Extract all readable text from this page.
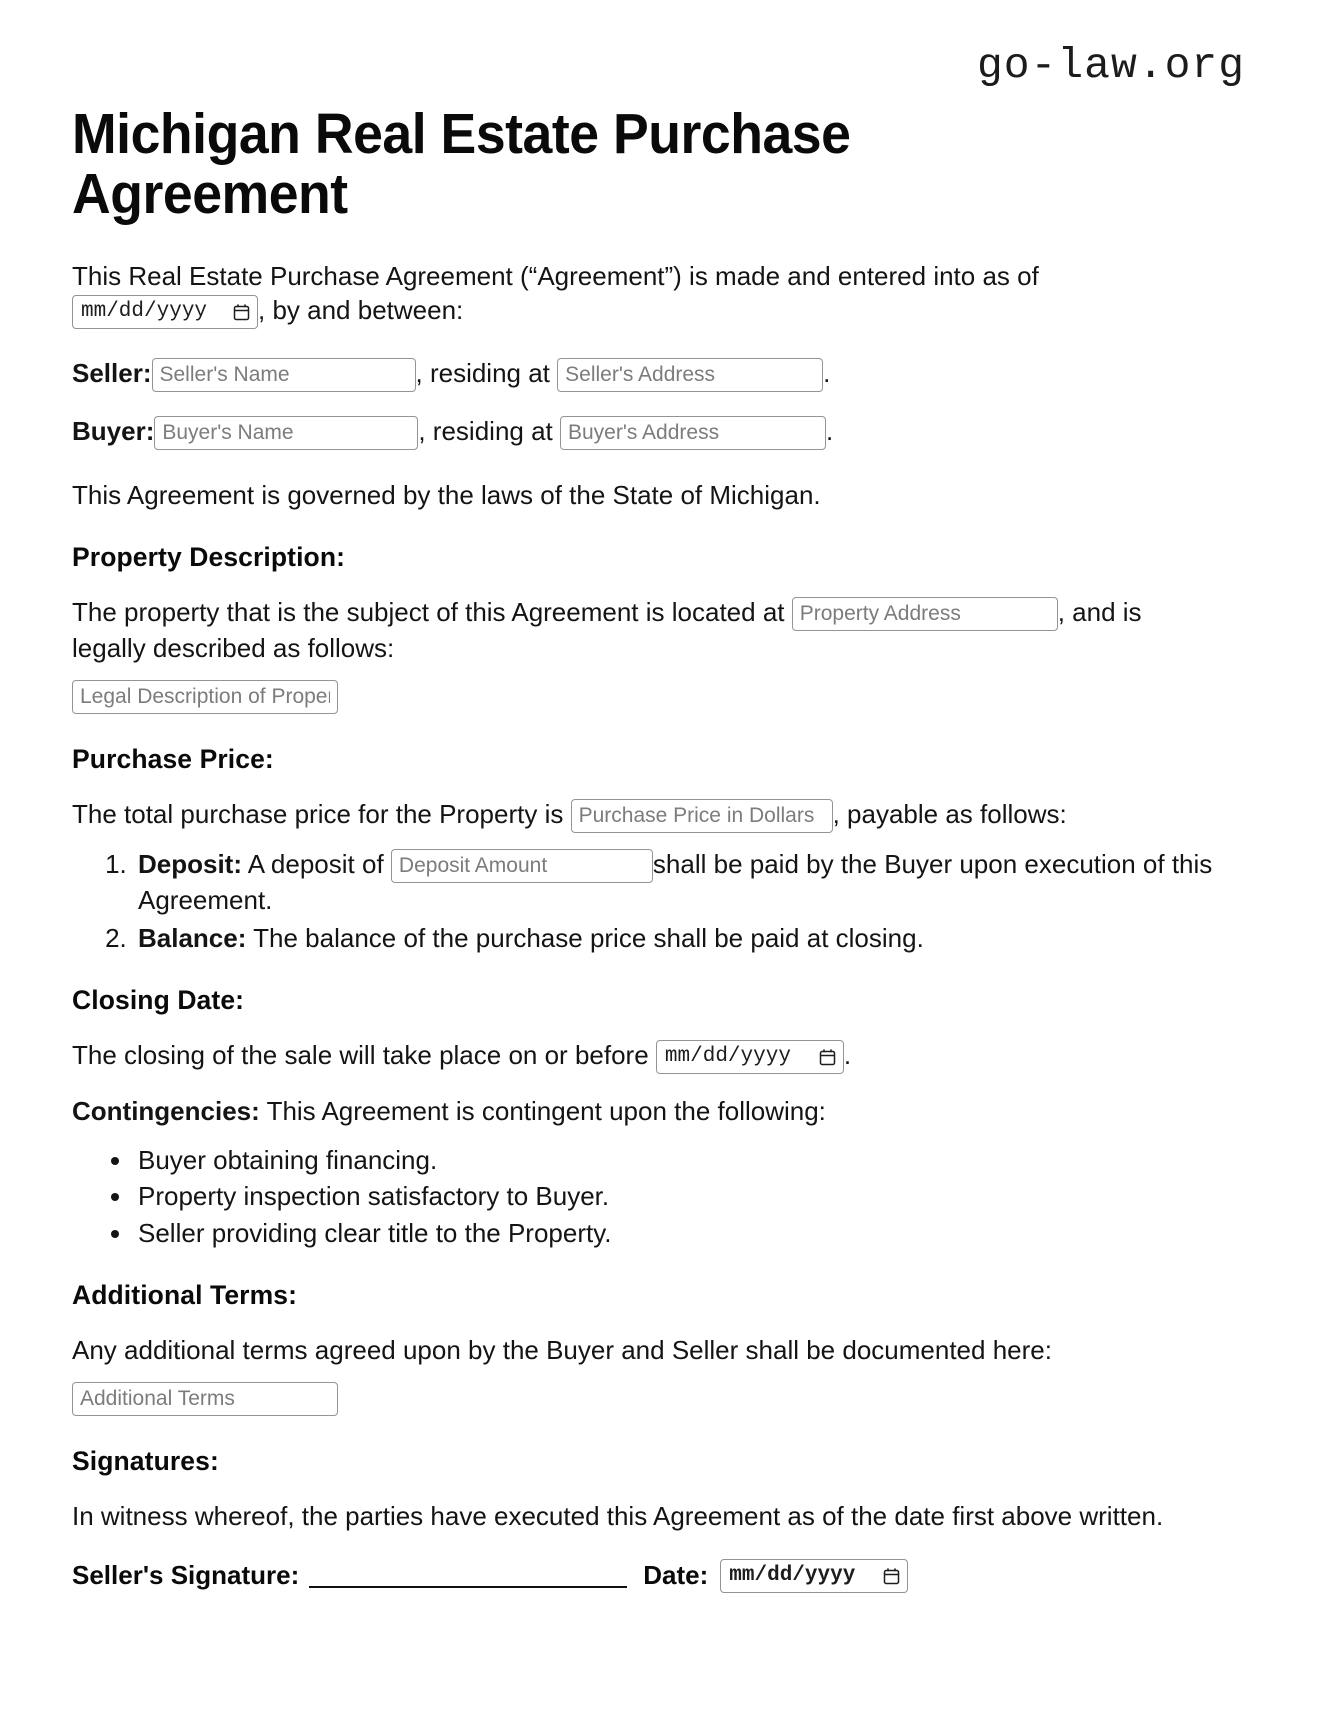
go-law.org
Michigan Real Estate Purchase Agreement

This Real Estate Purchase Agreement (“Agreement”) is made and entered into as of

mm/dd/yyyy , by and between:

Seller:Seller's Name	, residing at Seller's Address	.

Buyer:Buyer's Name	, residing at Buyer's Address	.

This Agreement is governed by the laws of the State of Michigan.

Property Description:

The property that is the subject of this Agreement is located at Property Address	, and is legally described as follows:

Legal Description of Property
Purchase Price:

The total purchase price for the Property is Purchase Price in Dollars	, payable as follows:

1. Deposit: A deposit of Deposit Amount	shall be paid by the Buyer upon execution of this Agreement.
2. Balance: The balance of the purchase price shall be paid at closing.
Closing Date:

The closing of the sale will take place on or before mm/dd/yyyy .

Contingencies: This Agreement is contingent upon the following:

• Buyer obtaining financing.
• Property inspection satisfactory to Buyer.
• Seller providing clear title to the Property.
Additional Terms:

Any additional terms agreed upon by the Buyer and Seller shall be documented here:

Additional Terms
Signatures:

In witness whereof, the parties have executed this Agreement as of the date first above written.

Seller's Signature:	Date: mm/dd/yyyy
